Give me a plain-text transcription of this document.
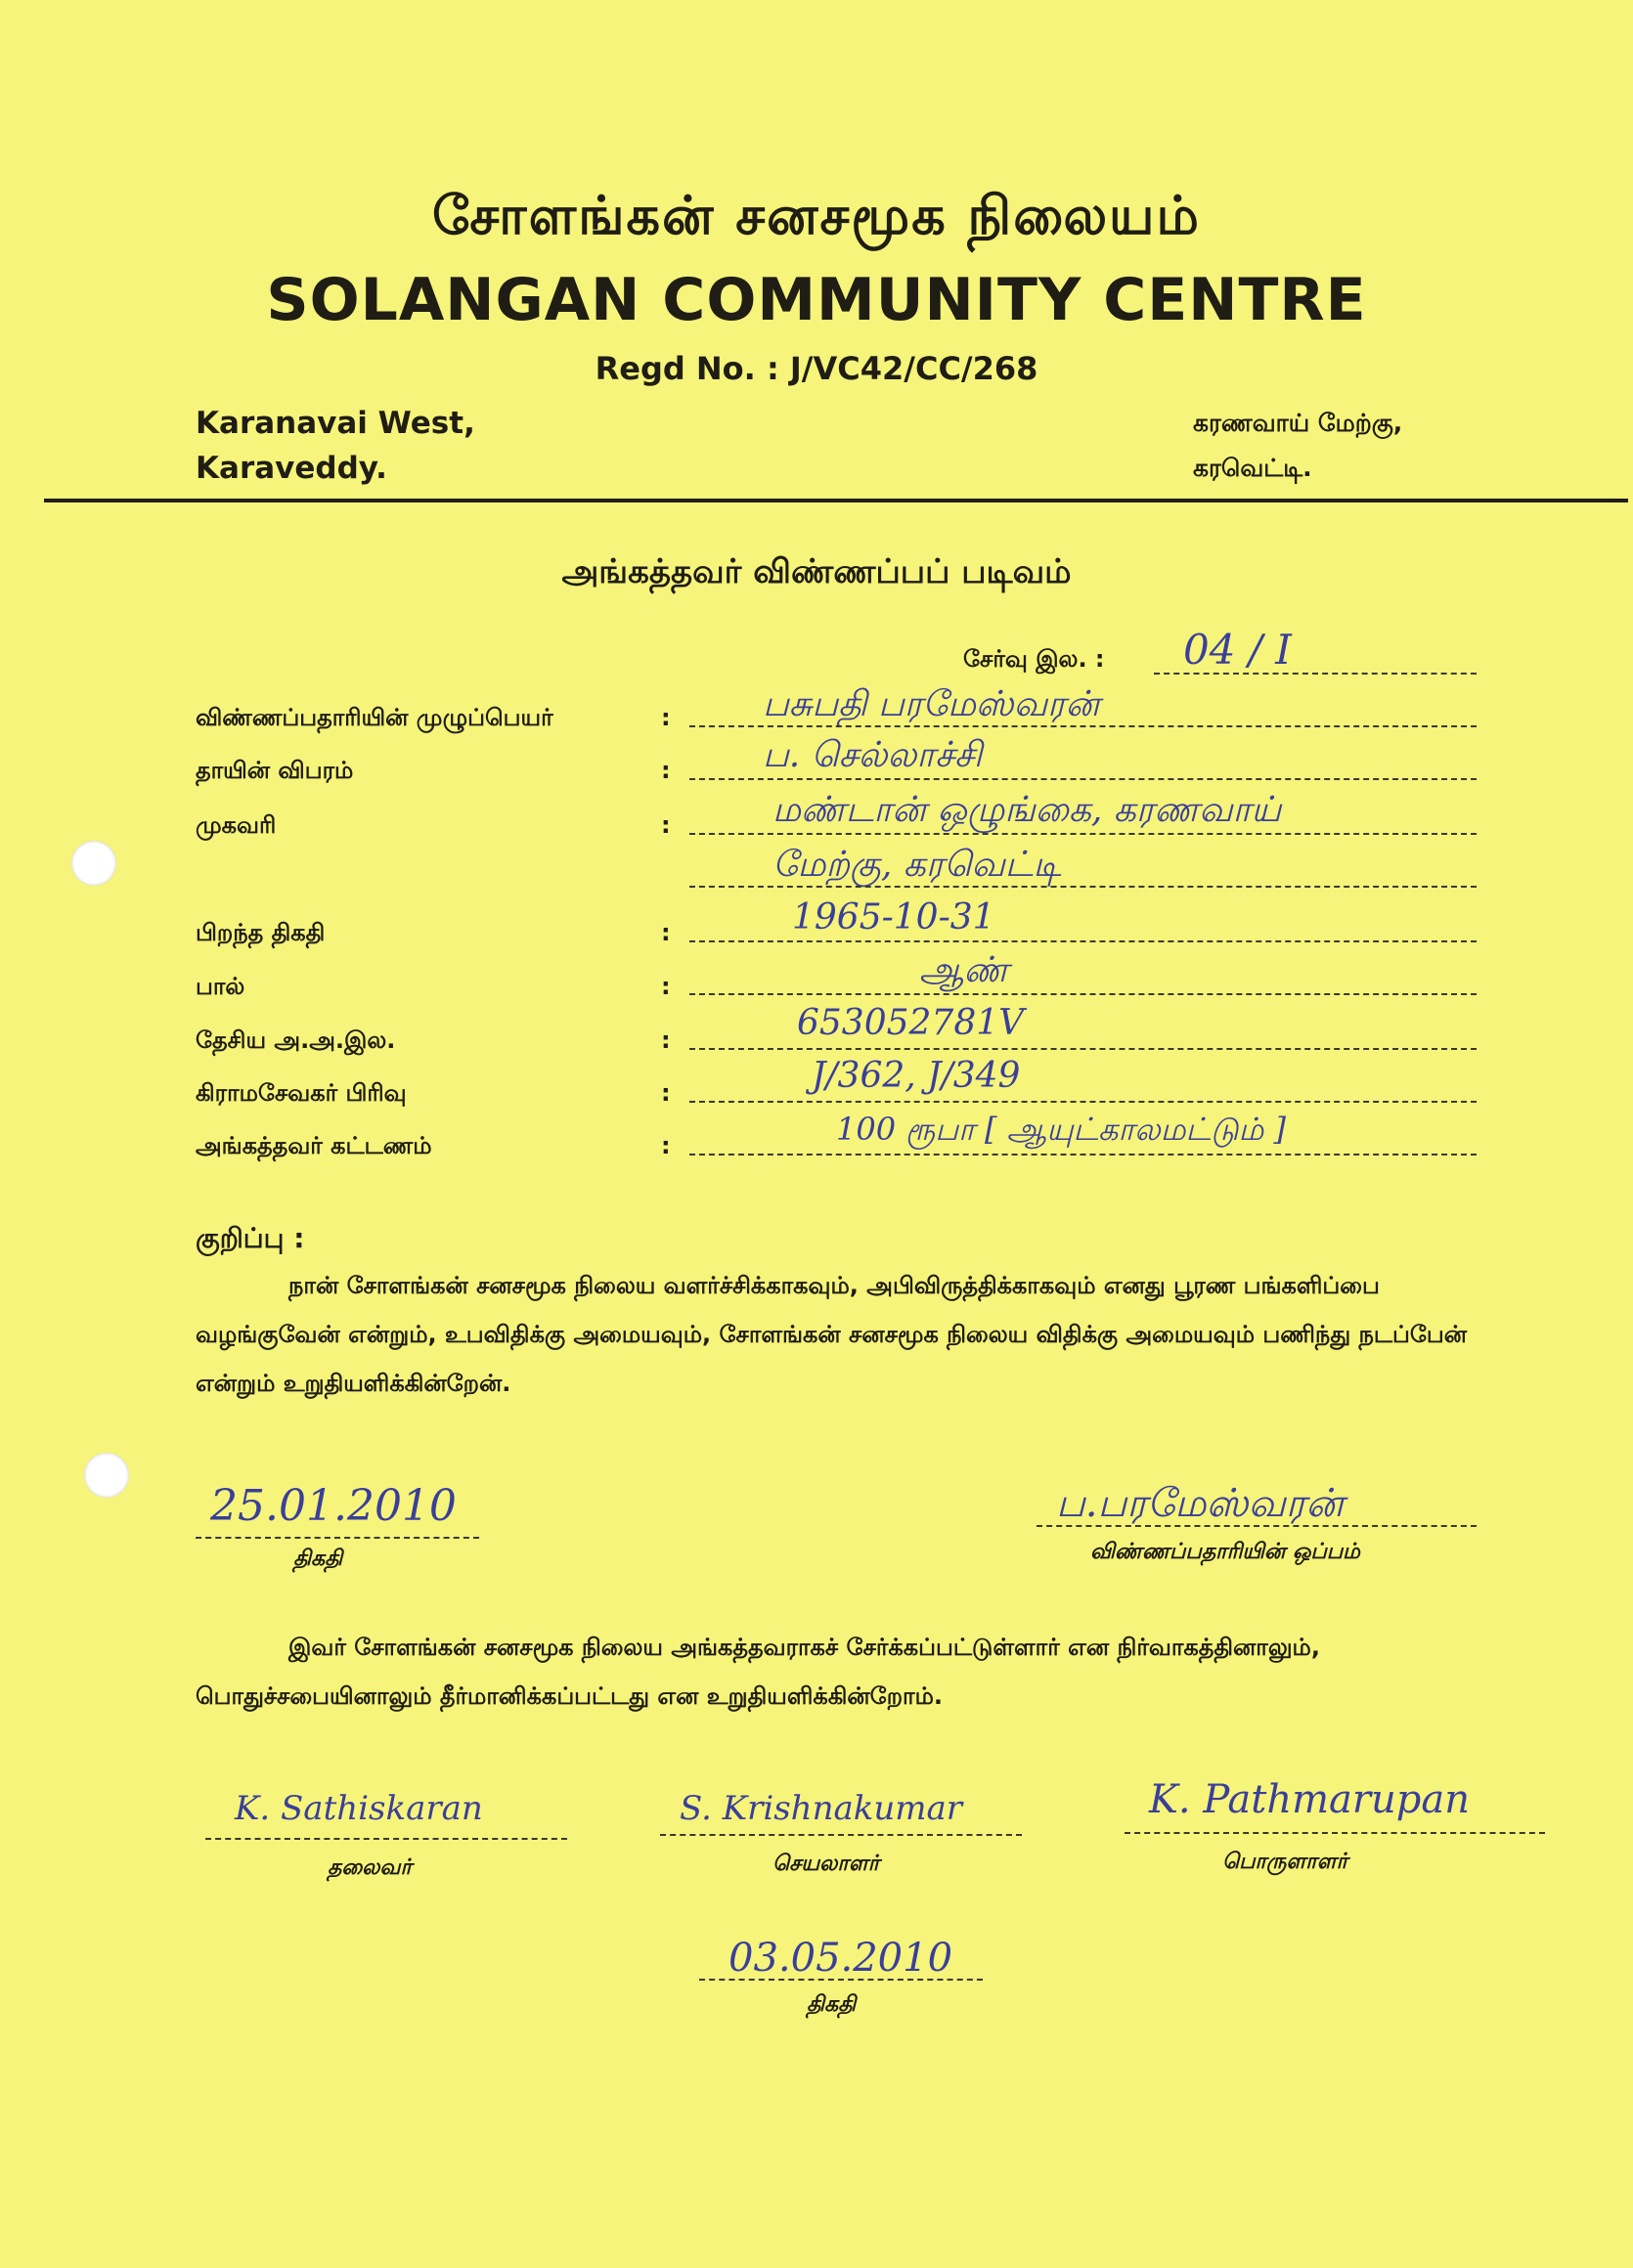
சோளங்கன் சனசமூக நிலையம்
SOLANGAN COMMUNITY CENTRE
Regd No. : J/VC42/CC/268
Karanavai West,
Karaveddy.
கரணவாய் மேற்கு,
கரவெட்டி.
அங்கத்தவர் விண்ணப்பப் படிவம்
சேர்வு இல. : 04 / I
விண்ணப்பதாரியின் முழுப்பெயர்	:	பசுபதி பரமேஸ்வரன்
தாயின் விபரம்	:	ப. செல்லாச்சி
முகவரி	:	மண்டான் ஒழுங்கை, கரணவாய்
மேற்கு, கரவெட்டி
பிறந்த திகதி	:	1965-10-31
பால்	:	ஆண்
தேசிய அ.அ.இல.	:	653052781V
கிராமசேவகர் பிரிவு	:	J/362, J/349
அங்கத்தவர் கட்டணம்	:	100 ரூபா [ ஆயுட்காலமட்டும் ]
குறிப்பு :
நான் சோளங்கன் சனசமூக நிலைய வளர்ச்சிக்காகவும், அபிவிருத்திக்காகவும் எனது பூரண பங்களிப்பை வழங்குவேன் என்றும், உபவிதிக்கு அமையவும், சோளங்கன் சனசமூக நிலைய விதிக்கு அமையவும் பணிந்து நடப்பேன் என்றும் உறுதியளிக்கின்றேன்.
25.01.2010
திகதி
ப.பரமேஸ்வரன்
விண்ணப்பதாரியின் ஒப்பம்
இவர் சோளங்கன் சனசமூக நிலைய அங்கத்தவராகச் சேர்க்கப்பட்டுள்ளார் என நிர்வாகத்தினாலும், பொதுச்சபையினாலும் தீர்மானிக்கப்பட்டது என உறுதியளிக்கின்றோம்.
K. Sathiskaran
தலைவர்
S. Krishnakumar
செயலாளர்
K. Pathmarupan
பொருளாளர்
03.05.2010
திகதி
